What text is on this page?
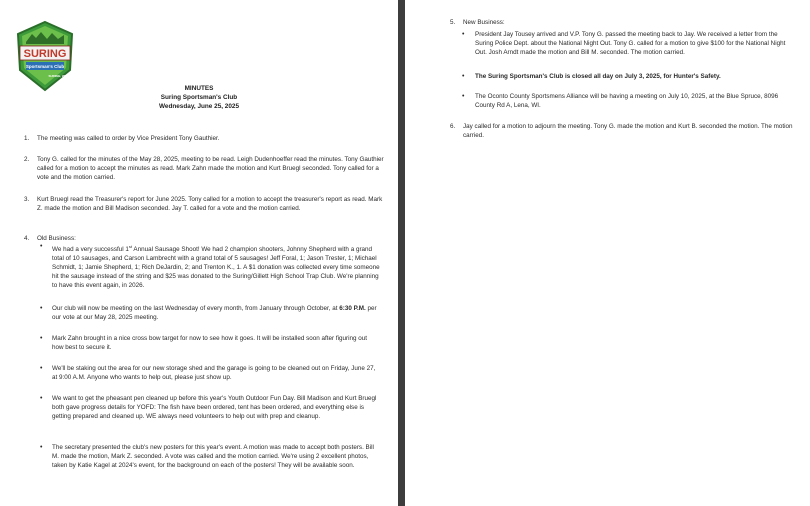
SURING
Sportsman's Club
SURING, WI
MINUTES
Suring Sportsman's Club
Wednesday, June 25, 2025
1. The meeting was called to order by Vice President Tony Gauthier.
2. Tony G. called for the minutes of the May 28, 2025, meeting to be read. Leigh Dudenhoeffer read the minutes. Tony Gauthier called for a motion to accept the minutes as read. Mark Zahn made the motion and Kurt Bruegl seconded. Tony called for a vote and the motion carried.
3. Kurt Bruegl read the Treasurer's report for June 2025. Tony called for a motion to accept the treasurer's report as read. Mark Z. made the motion and Bill Madison seconded. Jay T. called for a vote and the motion carried.
4. Old Business:
• We had a very successful 1st Annual Sausage Shoot! We had 2 champion shooters, Johnny Shepherd with a grand total of 10 sausages, and Carson Lambrecht with a grand total of 5 sausages! Jeff Foral, 1; Jason Trester, 1; Michael Schmidt, 1; Jamie Shepherd, 1; Rich DeJardin, 2; and Trenton K., 1. A $1 donation was collected every time someone hit the sausage instead of the string and $25 was donated to the Suring/Gillett High School Trap Club. We're planning to have this event again, in 2026.
• Our club will now be meeting on the last Wednesday of every month, from January through October, at 6:30 P.M. per our vote at our May 28, 2025 meeting.
• Mark Zahn brought in a nice cross bow target for now to see how it goes. It will be installed soon after figuring out how best to secure it.
• We'll be staking out the area for our new storage shed and the garage is going to be cleaned out on Friday, June 27, at 9:00 A.M. Anyone who wants to help out, please just show up.
• We want to get the pheasant pen cleaned up before this year's Youth Outdoor Fun Day. Bill Madison and Kurt Bruegl both gave progress details for YOFD: The fish have been ordered, tent has been ordered, and everything else is getting prepared and cleaned up. WE always need volunteers to help out with prep and cleanup.
• The secretary presented the club's new posters for this year's event. A motion was made to accept both posters. Bill M. made the motion, Mark Z. seconded. A vote was called and the motion carried. We're using 2 excellent photos, taken by Katie Kagel at 2024's event, for the background on each of the posters! They will be available soon.
5. New Business:
• President Jay Tousey arrived and V.P. Tony G. passed the meeting back to Jay. We received a letter from the Suring Police Dept. about the National Night Out. Tony G. called for a motion to give $100 for the National Night Out. Josh Arndt made the motion and Bill M. seconded. The motion carried.
• The Suring Sportsman's Club is closed all day on July 3, 2025, for Hunter's Safety.
• The Oconto County Sportsmens Alliance will be having a meeting on July 10, 2025, at the Blue Spruce, 8096 County Rd A, Lena, WI.
6. Jay called for a motion to adjourn the meeting. Tony G. made the motion and Kurt B. seconded the motion. The motion carried.
